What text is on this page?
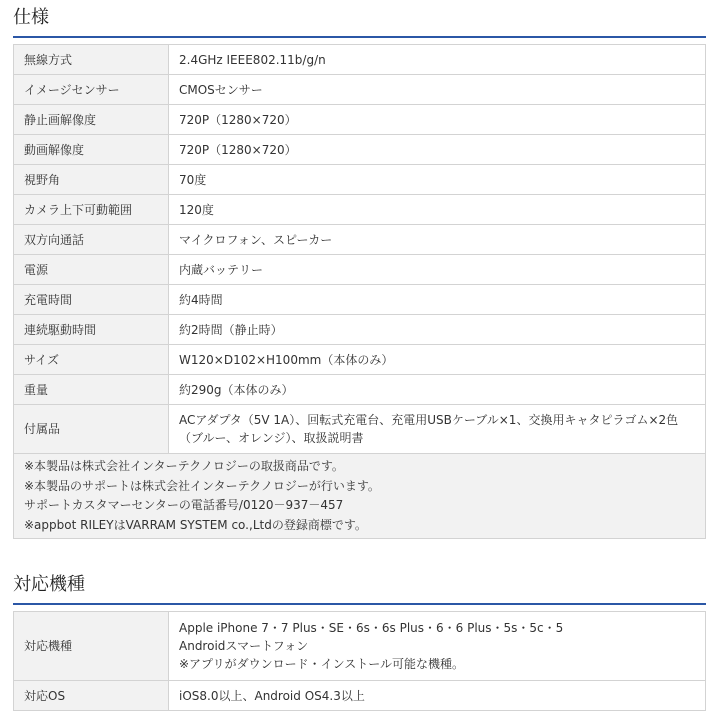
仕様
無線方式	2.4GHz IEEE802.11b/g/n
イメージセンサー	CMOSセンサー
静止画解像度	720P（1280×720）
動画解像度	720P（1280×720）
視野角	70度
カメラ上下可動範囲	120度
双方向通話	マイクロフォン、スピーカー
電源	内蔵バッテリー
充電時間	約4時間
連続駆動時間	約2時間（静止時）
サイズ	W120×D102×H100mm（本体のみ）
重量	約290g（本体のみ）
付属品	ACアダプタ（5V 1A）、回転式充電台、充電用USBケーブル×1、交換用キャタピラゴム×2色
（ブルー、オレンジ）、取扱説明書

※本製品は株式会社インターテクノロジーの取扱商品です。
※本製品のサポートは株式会社インターテクノロジーが行います。
サポートカスタマーセンターの電話番号/0120－937－457
※appbot RILEYはVARRAM SYSTEM co.,Ltdの登録商標です。	
対応機種
対応機種	Apple iPhone 7・7 Plus・SE・6s・6s Plus・6・6 Plus・5s・5c・5
Androidスマートフォン
※アプリがダウンロード・インストール可能な機種。

対応OS	iOS8.0以上、Android OS4.3以上
